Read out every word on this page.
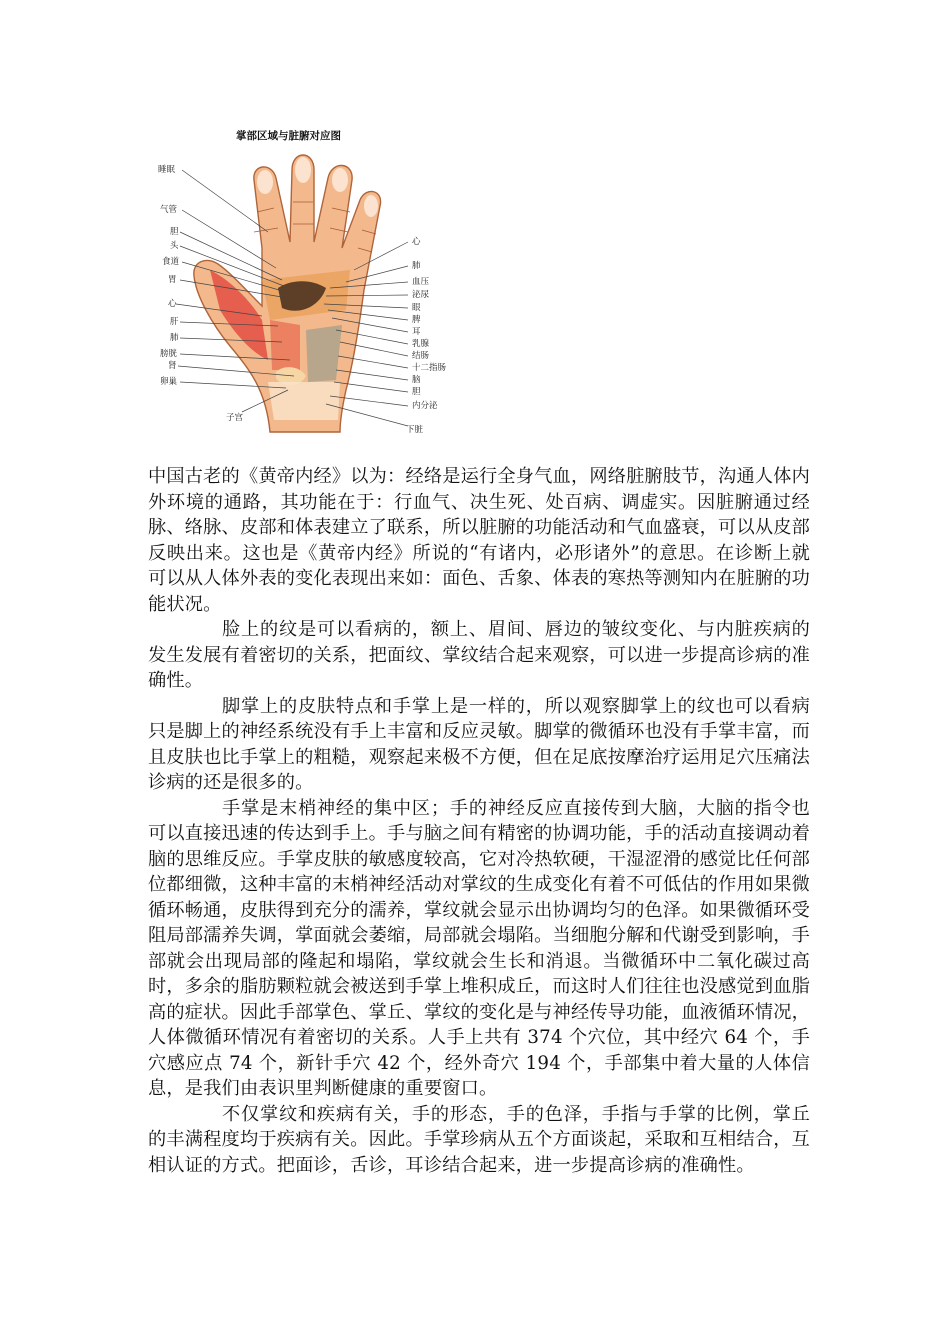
掌部区域与脏腑对应图
睡眠
气管
胆
头
食道
胃
心
肝
肺
膀胱
肾
卵巢
子宫
心
肺
血压
泌尿
眼
脾
耳
乳腺
结肠
十二指肠
脑
胆
内分泌
下脏

中国古老的《黄帝内经》以为：经络是运行全身气血，网络脏腑肢节，沟通人体内外环境的通路，其功能在于：行血气、决生死、处百病、调虚实。因脏腑通过经脉、络脉、皮部和体表建立了联系，所以脏腑的功能活动和气血盛衰，可以从皮部反映出来。这也是《黄帝内经》所说的“有诸内，必形诸外”的意思。在诊断上就可以从人体外表的变化表现出来如：面色、舌象、体表的寒热等测知内在脏腑的功能状况。

脸上的纹是可以看病的，额上、眉间、唇边的皱纹变化、与内脏疾病的发生发展有着密切的关系，把面纹、掌纹结合起来观察，可以进一步提高诊病的准确性。

脚掌上的皮肤特点和手掌上是一样的，所以观察脚掌上的纹也可以看病只是脚上的神经系统没有手上丰富和反应灵敏。脚掌的微循环也没有手掌丰富，而且皮肤也比手掌上的粗糙，观察起来极不方便，但在足底按摩治疗运用足穴压痛法诊病的还是很多的。

手掌是末梢神经的集中区；手的神经反应直接传到大脑，大脑的指令也可以直接迅速的传达到手上。手与脑之间有精密的协调功能，手的活动直接调动着脑的思维反应。手掌皮肤的敏感度较高，它对冷热软硬，干湿涩滑的感觉比任何部位都细微，这种丰富的末梢神经活动对掌纹的生成变化有着不可低估的作用如果微循环畅通，皮肤得到充分的濡养，掌纹就会显示出协调均匀的色泽。如果微循环受阻局部濡养失调，掌面就会萎缩，局部就会塌陷。当细胞分解和代谢受到影响，手部就会出现局部的隆起和塌陷，掌纹就会生长和消退。当微循环中二氧化碳过高时，多余的脂肪颗粒就会被送到手掌上堆积成丘，而这时人们往往也没感觉到血脂高的症状。因此手部掌色、掌丘、掌纹的变化是与神经传导功能，血液循环情况，人体微循环情况有着密切的关系。人手上共有 374 个穴位，其中经穴 64 个，手穴感应点 74 个，新针手穴 42 个，经外奇穴 194 个，手部集中着大量的人体信息，是我们由表识里判断健康的重要窗口。

不仅掌纹和疾病有关，手的形态，手的色泽，手指与手掌的比例，掌丘的丰满程度均于疾病有关。因此。手掌珍病从五个方面谈起，采取和互相结合，互相认证的方式。把面诊，舌诊，耳诊结合起来，进一步提高诊病的准确性。
